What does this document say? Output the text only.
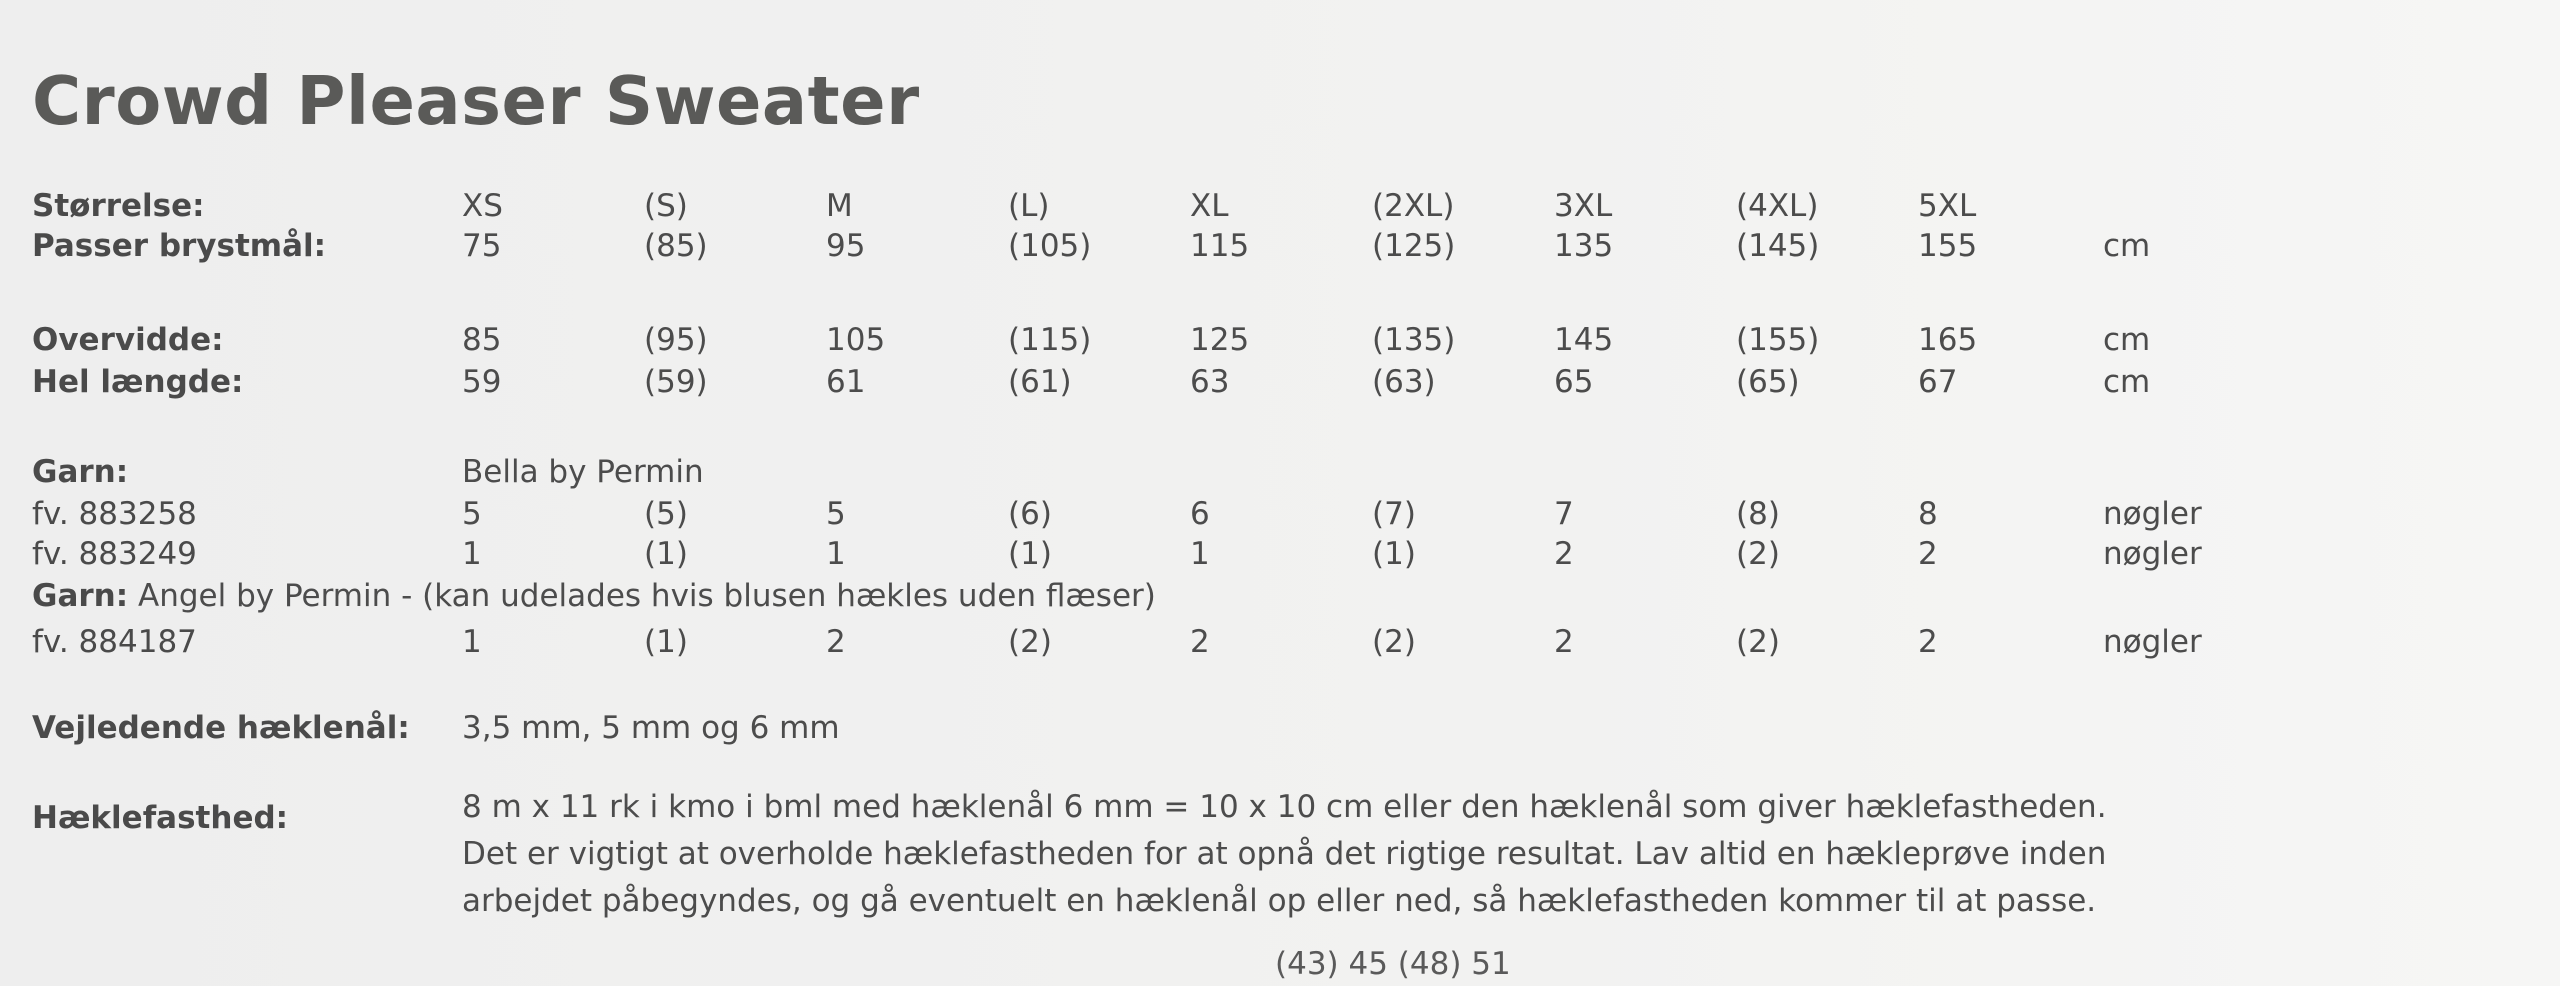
Crowd Pleaser Sweater
Størrelse:	XS	(S)	M	(L)	XL	(2XL)	3XL	(4XL)	5XL
Passer brystmål:	75	(85)	95	(105)	115	(125)	135	(145)	155	cm
Overvidde:	85	(95)	105	(115)	125	(135)	145	(155)	165	cm
Hel længde:	59	(59)	61	(61)	63	(63)	65	(65)	67	cm
Garn:	Bella by Permin
fv. 883258	5	(5)	5	(6)	6	(7)	7	(8)	8	nøgler
fv. 883249	1	(1)	1	(1)	1	(1)	2	(2)	2	nøgler
Garn: Angel by Permin - (kan udelades hvis blusen hækles uden flæser)
fv. 884187	1	(1)	2	(2)	2	(2)	2	(2)	2	nøgler
Vejledende hæklenål: 3,5 mm, 5 mm og 6 mm
Hæklefasthed:	8 m x 11 rk i kmo i bml med hæklenål 6 mm = 10 x 10 cm eller den hæklenål som giver hæklefastheden.
Det er vigtigt at overholde hæklefastheden for at opnå det rigtige resultat. Lav altid en hækleprøve inden
arbejdet påbegyndes, og gå eventuelt en hæklenål op eller ned, så hæklefastheden kommer til at passe.
(43) 45 (48) 51
